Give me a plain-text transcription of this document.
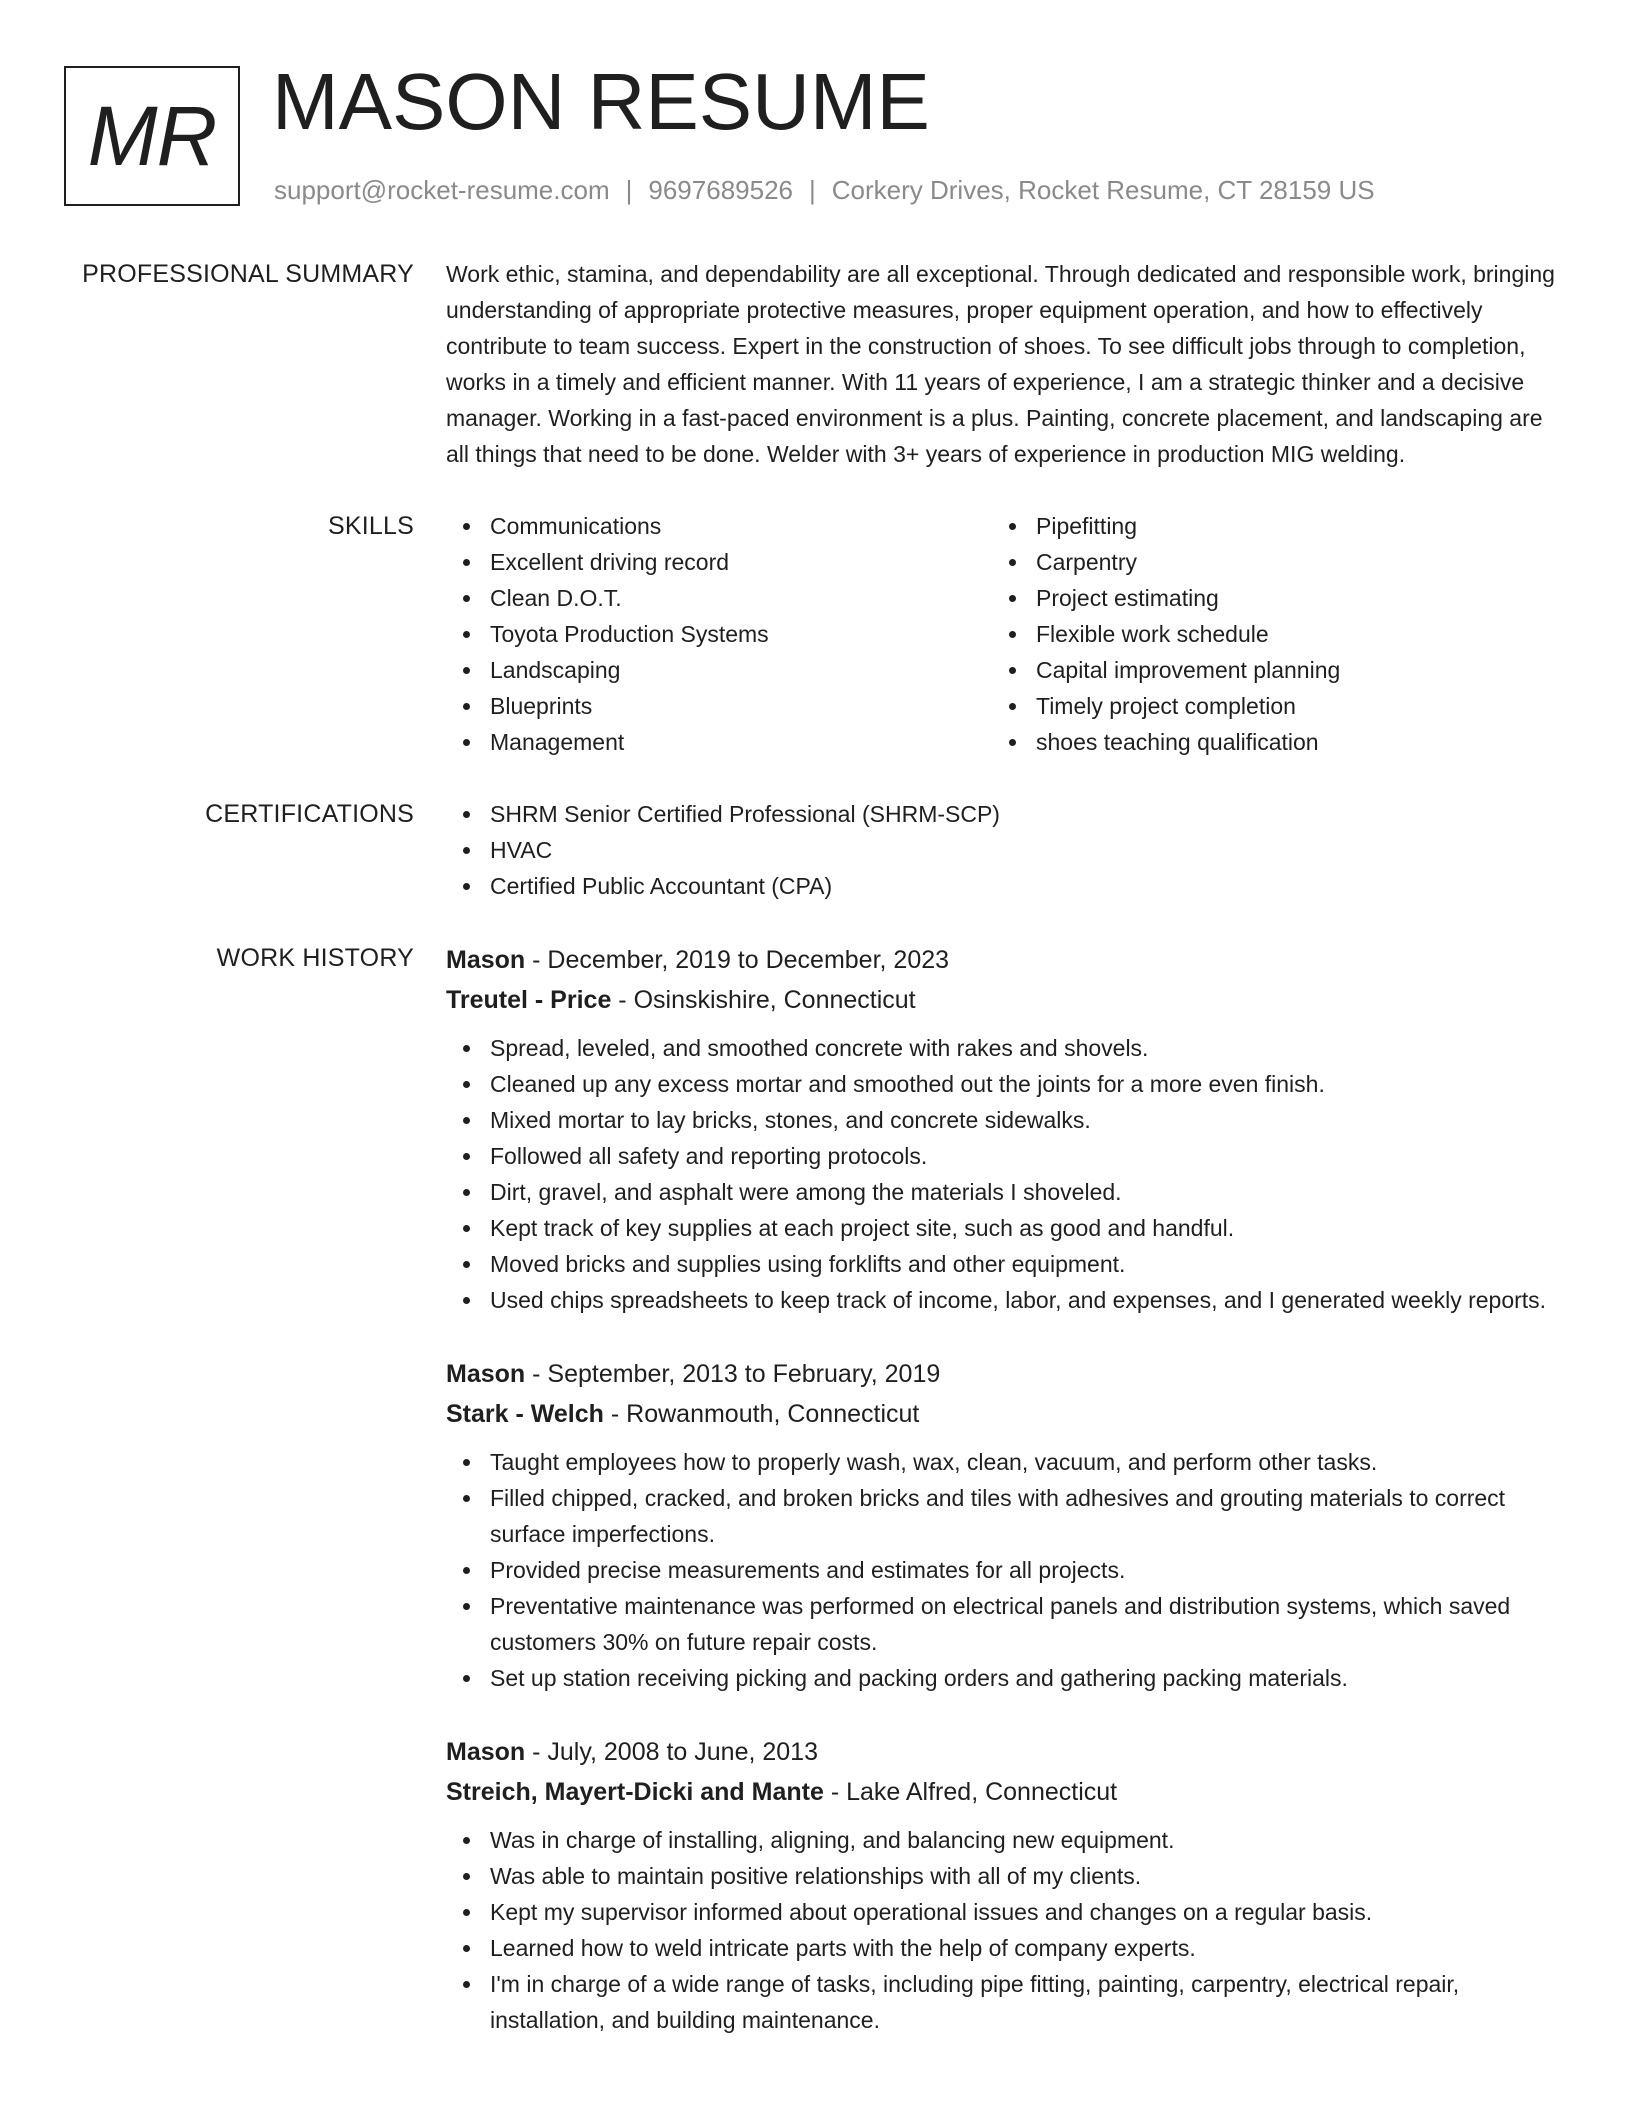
MR MASON RESUME
support@rocket-resume.com | 9697689526 | Corkery Drives, Rocket Resume, CT 28159 US
PROFESSIONAL SUMMARY Work ethic, stamina, and dependability are all exceptional. Through dedicated and responsible work, bringing understanding of appropriate protective measures, proper equipment operation, and how to effectively contribute to team success. Expert in the construction of shoes. To see difficult jobs through to completion, works in a timely and efficient manner. With 11 years of experience, I am a strategic thinker and a decisive manager. Working in a fast-paced environment is a plus. Painting, concrete placement, and landscaping are all things that need to be done. Welder with 3+ years of experience in production MIG welding.

SKILLS	Communications
Excellent driving record
Clean D.O.T.
Toyota Production Systems
Landscaping
Blueprints
Management
Pipefitting
Carpentry
Project estimating
Flexible work schedule
Capital improvement planning
Timely project completion
shoes teaching qualification
CERTIFICATIONS	SHRM Senior Certified Professional (SHRM-SCP)
HVAC
Certified Public Accountant (CPA)
WORK HISTORY Mason - December, 2019 to December, 2023
Treutel - Price - Osinskishire, Connecticut
Spread, leveled, and smoothed concrete with rakes and shovels.
Cleaned up any excess mortar and smoothed out the joints for a more even finish.
Mixed mortar to lay bricks, stones, and concrete sidewalks.
Followed all safety and reporting protocols.
Dirt, gravel, and asphalt were among the materials I shoveled.
Kept track of key supplies at each project site, such as good and handful.
Moved bricks and supplies using forklifts and other equipment.
Used chips spreadsheets to keep track of income, labor, and expenses, and I generated weekly reports.
Mason - September, 2013 to February, 2019
Stark - Welch - Rowanmouth, Connecticut
Taught employees how to properly wash, wax, clean, vacuum, and perform other tasks.
Filled chipped, cracked, and broken bricks and tiles with adhesives and grouting materials to correct surface imperfections.
Provided precise measurements and estimates for all projects.
Preventative maintenance was performed on electrical panels and distribution systems, which saved customers 30% on future repair costs.
Set up station receiving picking and packing orders and gathering packing materials.
Mason - July, 2008 to June, 2013
Streich, Mayert-Dicki and Mante - Lake Alfred, Connecticut
Was in charge of installing, aligning, and balancing new equipment.
Was able to maintain positive relationships with all of my clients.
Kept my supervisor informed about operational issues and changes on a regular basis.
Learned how to weld intricate parts with the help of company experts.
I'm in charge of a wide range of tasks, including pipe fitting, painting, carpentry, electrical repair, installation, and building maintenance.
